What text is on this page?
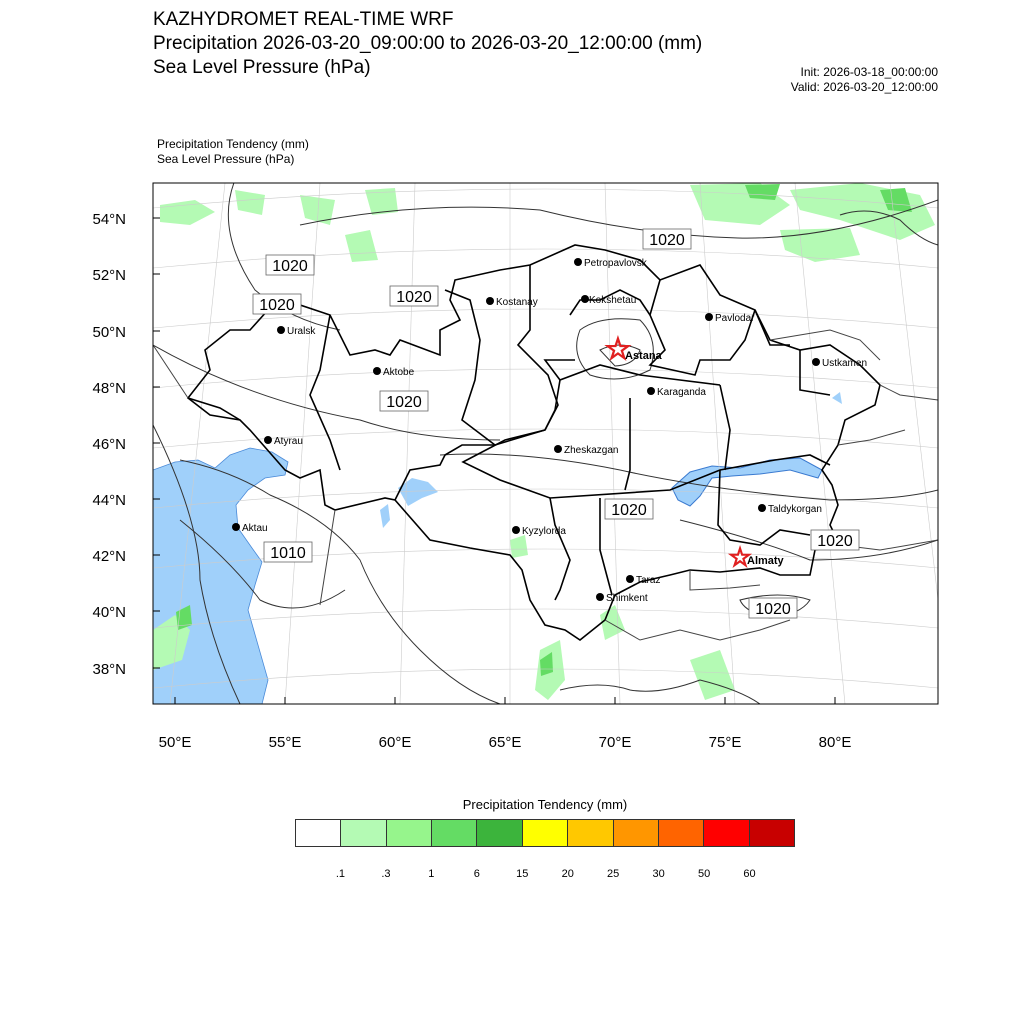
KAZHYDROMET REAL-TIME WRF
Precipitation 2026-03-20_09:00:00 to 2026-03-20_12:00:00 (mm)
Sea Level Pressure (hPa)	Init: 2026-03-18_00:00:00
Valid: 2026-03-20_12:00:00
Precipitation Tendency (mm)
Sea Level Pressure (hPa)
54°N
52°N
50°N
48°N
46°N
44°N
42°N
40°N
38°N
50°E	55°E	60°E	65°E	70°E	75°E	80°E
1020
1020
1020
1020
1020
1020
1010
1020
1020
Petropavlovsk
Kostanay	Kokshetau
Pavlodar
Uralsk
☆
Astana
Aktobe
Ustkamen
Karaganda
Atyrau
Zheskazgan
Aktau
Taldykorgan
Kyzylorda
☆
Almaty
Taraz
Shimkent
Precipitation Tendency (mm)
.1	.3	1	6	15	20	25	30	50	60
